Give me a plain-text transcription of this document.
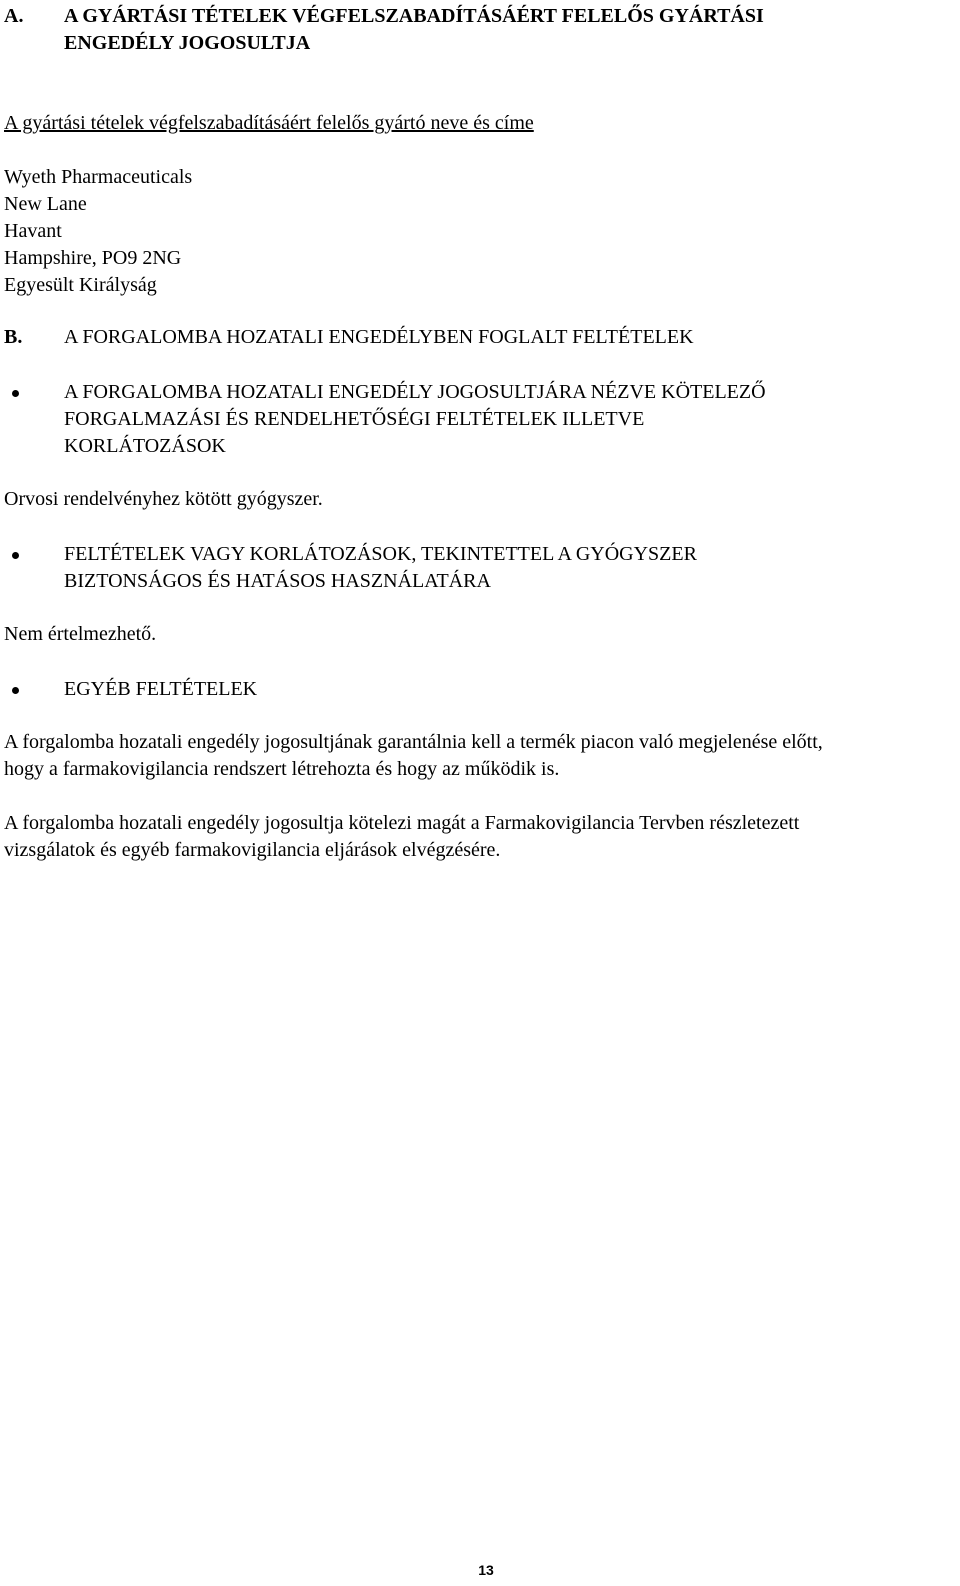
A. A GYÁRTÁSI TÉTELEK VÉGFELSZABADÍTÁSÁÉRT FELELŐS GYÁRTÁSI
ENGEDÉLY JOGOSULTJA
A gyártási tételek végfelszabadításáért felelős gyártó neve és címe
Wyeth Pharmaceuticals
New Lane
Havant
Hampshire, PO9 2NG
Egyesült Királyság
B. A FORGALOMBA HOZATALI ENGEDÉLYBEN FOGLALT FELTÉTELEK
A FORGALOMBA HOZATALI ENGEDÉLY JOGOSULTJÁRA NÉZVE KÖTELEZŐ
FORGALMAZÁSI ÉS RENDELHETŐSÉGI FELTÉTELEK ILLETVE
KORLÁTOZÁSOK
Orvosi rendelvényhez kötött gyógyszer.
FELTÉTELEK VAGY KORLÁTOZÁSOK, TEKINTETTEL A GYÓGYSZER
BIZTONSÁGOS ÉS HATÁSOS HASZNÁLATÁRA
Nem értelmezhető.
EGYÉB FELTÉTELEK
A forgalomba hozatali engedély jogosultjának garantálnia kell a termék piacon való megjelenése előtt,
hogy a farmakovigilancia rendszert létrehozta és hogy az működik is.
A forgalomba hozatali engedély jogosultja kötelezi magát a Farmakovigilancia Tervben részletezett
vizsgálatok és egyéb farmakovigilancia eljárások elvégzésére.
13
